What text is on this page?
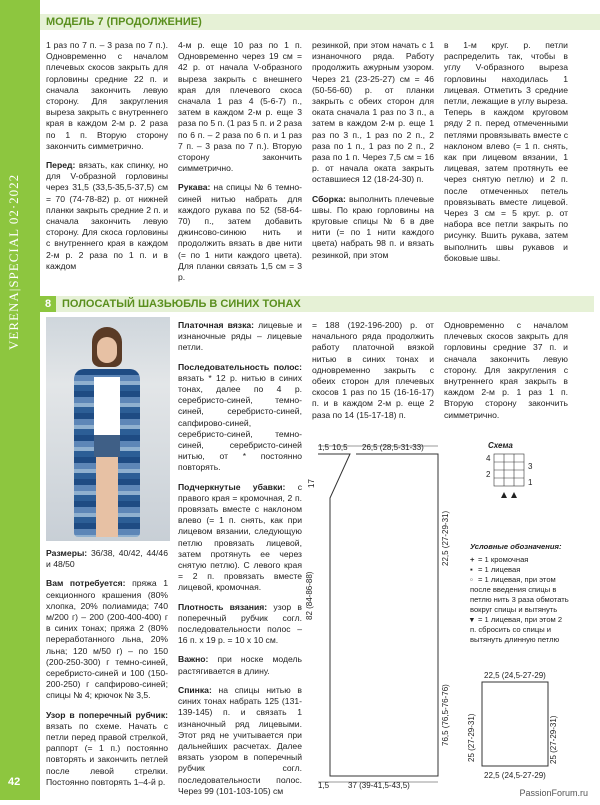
VERENA|SPECIAL 02·2022
42
МОДЕЛЬ 7 (ПРОДОЛЖЕНИЕ)

1 раз по 7 п. – 3 раза по 7 п.). Одновременно с началом плечевых скосов закрыть для горловины средние 22 п. и сначала закончить левую сторону. Для закругления выреза закрыть с внутреннего края в каждом 2-м р. 2 раза по 1 п. Вторую сторону закончить симметрично.

Перед: вязать, как спинку, но для V-образной горловины через 31,5 (33,5-35,5-37,5) см = 70 (74-78-82) р. от нижней планки закрыть средние 2 п. и сначала закончить левую сторону. Для скоса горловины с внутреннего края в каждом 2-м р. 2 раза по 1 п. и в каждом

4-м р. еще 10 раз по 1 п. Одновременно через 19 см = 42 р. от начала V-образного выреза закрыть с внешнего края для плечевого скоса сначала 1 раз 4 (5-6-7) п., затем в каждом 2-м р. еще 3 раза по 5 п. (1 раз 5 п. и 2 раза по 6 п. – 2 раза по 6 п. и 1 раз 7 п. – 3 раза по 7 п.). Вторую сторону закончить симметрично.

Рукава: на спицы № 6 темно-синей нитью набрать для каждого рукава по 52 (58-64-70) п., затем добавить джинсово-синюю нить и продолжить вязать в две нити (= по 1 нити каждого цвета). Для планки связать 1,5 см = 3 р.

резинкой, при этом начать с 1 изнаночного ряда. Работу продолжить ажурным узором. Через 21 (23-25-27) см = 46 (50-56-60) р. от планки закрыть с обеих сторон для оката сначала 1 раз по 3 п., а затем в каждом 2-м р. еще 1 раз по 3 п., 1 раз по 2 п., 2 раза по 1 п., 1 раз по 2 п., 2 раза по 1 п. Через 7,5 см = 16 р. от начала оката закрыть оставшиеся 12 (18-24-30) п.

Сборка: выполнить плечевые швы. По краю горловины на круговые спицы № 6 в две нити (= по 1 нити каждого цвета) набрать 98 п. и вязать резинкой, при этом

в 1-м круг. р. петли распределить так, чтобы в углу V-образного выреза горловины находилась 1 лицевая. Отметить 3 средние петли, лежащие в углу выреза. Теперь в каждом круговом ряду 2 п. перед отмеченными петлями провязывать вместе с наклоном влево (= 1 п. снять, как при лицевом вязании, 1 лицевая, затем протянуть ее через снятую петлю) и 2 п. после отмеченных петель провязывать вместе лицевой. Через 3 см = 5 круг. р. от набора все петли закрыть по рисунку. Вшить рукава, затем выполнить швы рукавов и боковые швы.

8 ПОЛОСАТЫЙ ШАЗЬЮБЛЬ В СИНИХ ТОНАХ

Размеры: 36/38, 40/42, 44/46 и 48/50

Вам потребуется: пряжа 1 секционного крашения (80% хлопка, 20% полиамида; 740 м/200 г) – 200 (200-400-400) г в синих тонах; пряжа 2 (80% переработанного льна, 20% льна; 120 м/50 г) – по 150 (200-250-300) г темно-синей, серебристо-синей и 100 (150-200-250) г сапфирово-синей; спицы № 4; крючок № 3,5.

Узор в поперечный рубчик: вязать по схеме. Начать с петли перед правой стрелкой, раппорт (= 1 п.) постоянно повторять и закончить петлей после левой стрелки. Постоянно повторять 1–4-й р.

Платочная вязка: лицевые и изнаночные ряды – лицевые петли.

Последовательность полос: вязать * 12 р. нитью в синих тонах, далее по 4 р. серебристо-синей, темно-синей, серебристо-синей, сапфирово-синей, серебристо-синей, темно-синей, серебристо-синей нитью, от * постоянно повторять.

Подчеркнутые убавки: с правого края = кромочная, 2 п. провязать вместе с наклоном влево (= 1 п. снять, как при лицевом вязании, следующую петлю провязать лицевой, затем протянуть ее через снятую петлю). С левого края = 2 п. провязать вместе лицевой, кромочная.

Плотность вязания: узор в поперечный рубчик согл. последовательности полос – 16 п. х 19 р. = 10 х 10 см.

Важно: при носке модель растягивается в длину.

Спинка: на спицы нитью в синих тонах набрать 125 (131-139-145) п. и связать 1 изнаночный ряд лицевыми. Этот ряд не учитывается при дальнейших расчетах. Далее вязать узором в поперечный рубчик согл. последовательности полос. Через 99 (101-103-105) см

= 188 (192-196-200) р. от начального ряда продолжить работу платочной вязкой нитью в синих тонах и одновременно закрыть с обеих сторон для плечевых скосов 1 раз по 15 (16-16-17) п. и в каждом 2-м р. еще 2 раза по 14 (15-17-18) п.

Одновременно с началом плечевых скосов закрыть для горловины средние 37 п. и сначала закончить левую сторону. Для закругления с внутреннего края закрыть в каждом 2-м р. 1 раз 1 п. Вторую сторону закончить симметрично.

1,5 10,5 26,5 (28,5-31-33)
17
82 (84-86-88)
22,5 (27-29-31)
76,5 (76,5-76-76)
1,5 37 (39-41,5-43,5)
Схема
4
3
2
1
22,5 (24,5-27-29)
22,5 (24,5-27-29)
25 (27-29-31)	25 (27-29-31)
Условные обозначения:
+ = 1 кромочная
▪ = 1 лицевая
▫ = 1 лицевая, при этом после введения спицы в петлю нить 3 раза обмотать вокруг спицы и вытянуть
▾ = 1 лицевая, при этом 2 п. сбросить со спицы и вытянуть длинную петлю
PassionForum.ru
